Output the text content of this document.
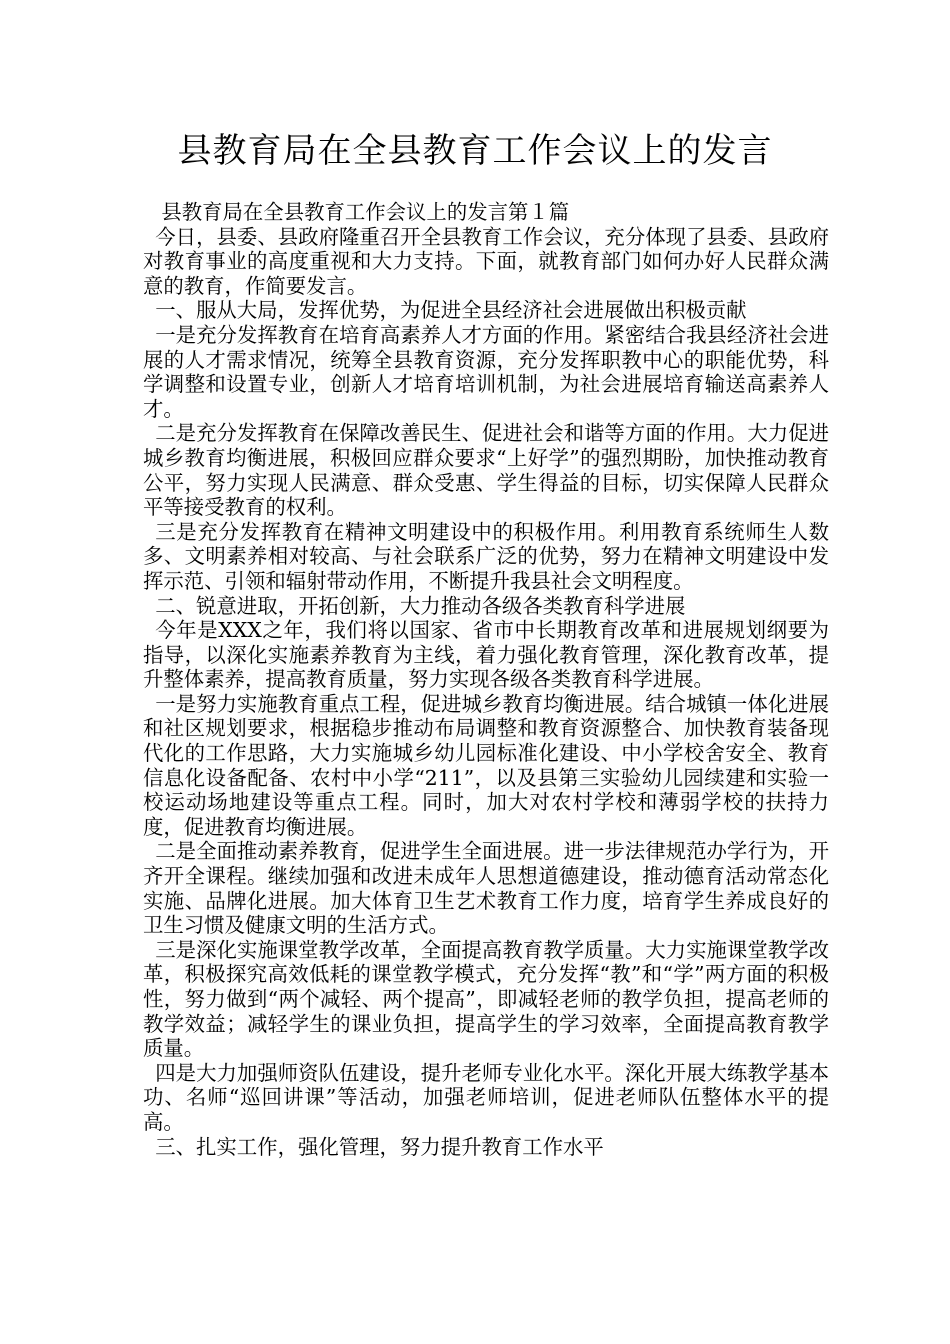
县教育局在全县教育工作会议上的发言

县教育局在全县教育工作会议上的发言第１篇

今日，县委、县政府隆重召开全县教育工作会议，充分体现了县委、县政府对教育事业的高度重视和大力支持。下面，就教育部门如何办好人民群众满意的教育，作简要发言。

一、服从大局，发挥优势，为促进全县经济社会进展做出积极贡献

一是充分发挥教育在培育高素养人才方面的作用。紧密结合我县经济社会进展的人才需求情况，统筹全县教育资源，充分发挥职教中心的职能优势，科学调整和设置专业，创新人才培育培训机制，为社会进展培育输送高素养人才。

二是充分发挥教育在保障改善民生、促进社会和谐等方面的作用。大力促进城乡教育均衡进展，积极回应群众要求“上好学”的强烈期盼，加快推动教育公平，努力实现人民满意、群众受惠、学生得益的目标，切实保障人民群众平等接受教育的权利。

三是充分发挥教育在精神文明建设中的积极作用。利用教育系统师生人数多、文明素养相对较高、与社会联系广泛的优势，努力在精神文明建设中发挥示范、引领和辐射带动作用，不断提升我县社会文明程度。

二、锐意进取，开拓创新，大力推动各级各类教育科学进展

今年是XXX之年，我们将以国家、省市中长期教育改革和进展规划纲要为指导，以深化实施素养教育为主线，着力强化教育管理，深化教育改革，提升整体素养，提高教育质量，努力实现各级各类教育科学进展。

一是努力实施教育重点工程，促进城乡教育均衡进展。结合城镇一体化进展和社区规划要求，根据稳步推动布局调整和教育资源整合、加快教育装备现代化的工作思路，大力实施城乡幼儿园标准化建设、中小学校舍安全、教育信息化设备配备、农村中小学“211”，以及县第三实验幼儿园续建和实验一校运动场地建设等重点工程。同时，加大对农村学校和薄弱学校的扶持力度，促进教育均衡进展。

二是全面推动素养教育，促进学生全面进展。进一步法律规范办学行为，开齐开全课程。继续加强和改进未成年人思想道德建设，推动德育活动常态化实施、品牌化进展。加大体育卫生艺术教育工作力度，培育学生养成良好的卫生习惯及健康文明的生活方式。

三是深化实施课堂教学改革，全面提高教育教学质量。大力实施课堂教学改革，积极探究高效低耗的课堂教学模式，充分发挥“教”和“学”两方面的积极性，努力做到“两个减轻、两个提高”，即减轻老师的教学负担，提高老师的教学效益；减轻学生的课业负担，提高学生的学习效率，全面提高教育教学质量。

四是大力加强师资队伍建设，提升老师专业化水平。深化开展大练教学基本功、名师“巡回讲课”等活动，加强老师培训，促进老师队伍整体水平的提高。

三、扎实工作，强化管理，努力提升教育工作水平
